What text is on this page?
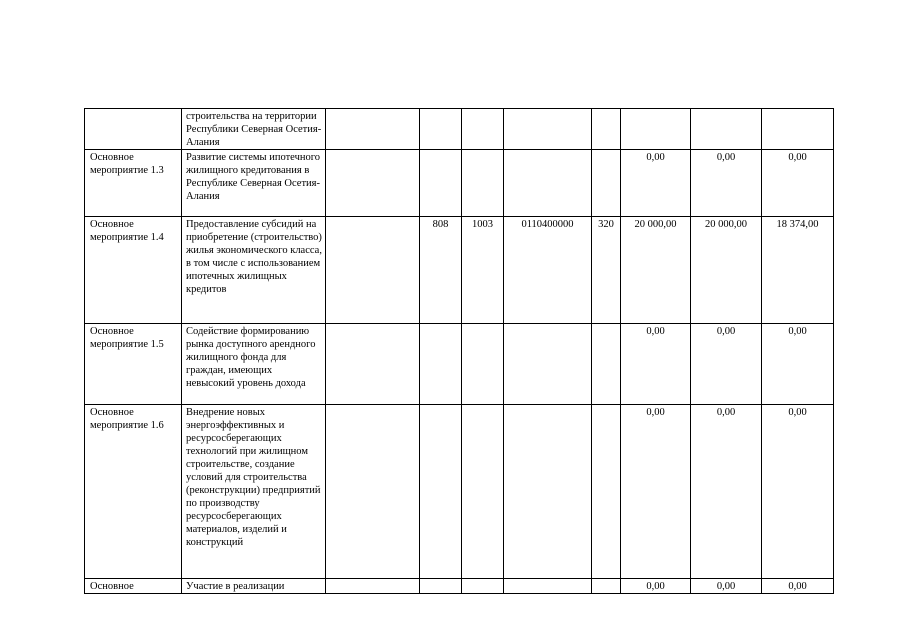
	строительства на территории Республики Северная Осетия-Алания								
Основное мероприятие 1.3	Развитие системы ипотечного жилищного кредитования в Республике Северная Осетия-Алания						0,00	0,00	0,00
Основное мероприятие 1.4	Предоставление субсидий на приобретение (строительство) жилья экономического класса, в том числе с использованием ипотечных жилищных кредитов		808	1003	0110400000	320	20 000,00	20 000,00	18 374,00
Основное мероприятие 1.5	Содействие формированию рынка доступного арендного жилищного фонда для граждан, имеющих невысокий уровень дохода						0,00	0,00	0,00
Основное мероприятие 1.6	Внедрение новых энергоэффективных и ресурсосберегающих технологий при жилищном строительстве, создание условий для строительства (реконструкции) предприятий по производству ресурсосберегающих материалов, изделий и конструкций						0,00	0,00	0,00
Основное	Участие в реализации						0,00	0,00	0,00
